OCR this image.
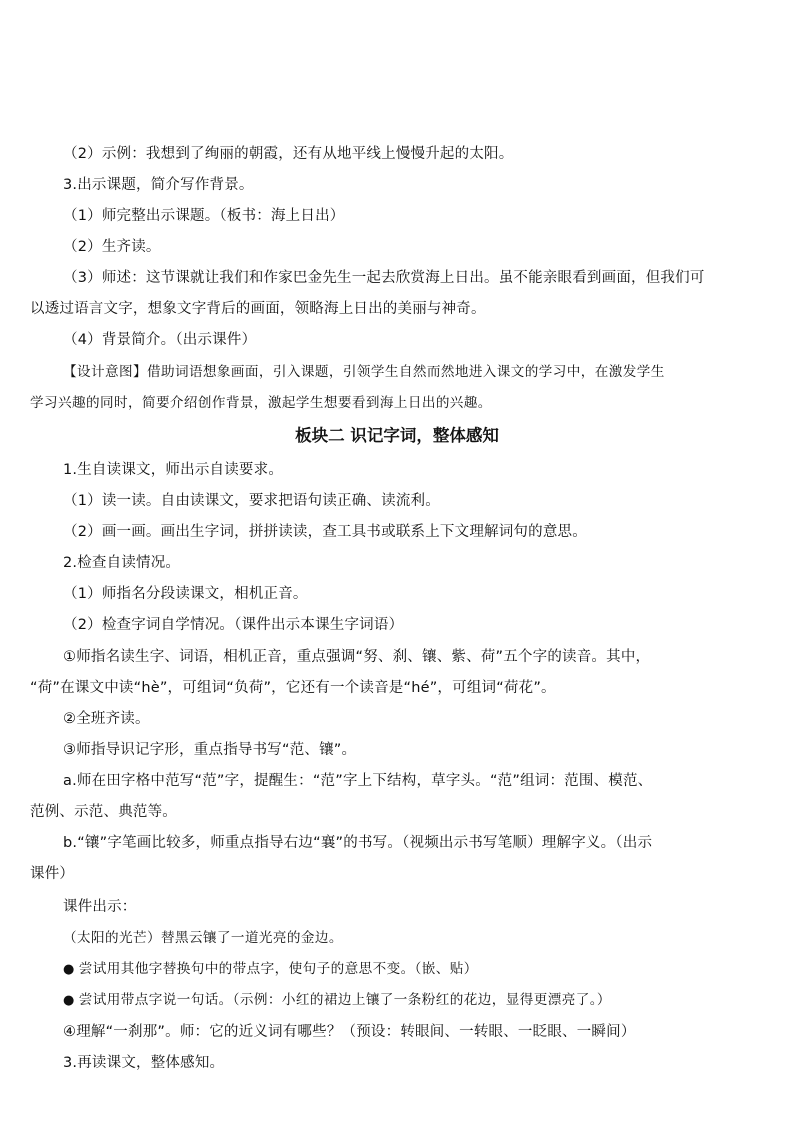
（2）示例：我想到了绚丽的朝霞，还有从地平线上慢慢升起的太阳。
3.出示课题，简介写作背景。
（1）师完整出示课题。（板书：海上日出）
（2）生齐读。
（3）师述：这节课就让我们和作家巴金先生一起去欣赏海上日出。虽不能亲眼看到画面，但我们可
以透过语言文字，想象文字背后的画面，领略海上日出的美丽与神奇。
（4）背景简介。（出示课件）
【设计意图】借助词语想象画面，引入课题，引领学生自然而然地进入课文的学习中，在激发学生
学习兴趣的同时，简要介绍创作背景，激起学生想要看到海上日出的兴趣。
板块二 识记字词，整体感知
1.生自读课文，师出示自读要求。
（1）读一读。自由读课文，要求把语句读正确、读流利。
（2）画一画。画出生字词，拼拼读读，查工具书或联系上下文理解词句的意思。
2.检查自读情况。
（1）师指名分段读课文，相机正音。
（2）检查字词自学情况。（课件出示本课生字词语）
①师指名读生字、词语，相机正音，重点强调“努、刹、镶、紫、荷”五个字的读音。其中，
“荷”在课文中读“hè”，可组词“负荷”，它还有一个读音是“hé”，可组词“荷花”。
②全班齐读。
③师指导识记字形，重点指导书写“范、镶”。
a.师在田字格中范写“范”字，提醒生：“范”字上下结构，草字头。“范”组词：范围、模范、
范例、示范、典范等。
b.“镶”字笔画比较多，师重点指导右边“襄”的书写。（视频出示书写笔顺）理解字义。（出示
课件）
课件出示：
（太阳的光芒）替黑云镶了一道光亮的金边。
● 尝试用其他字替换句中的带点字，使句子的意思不变。（嵌、贴）
● 尝试用带点字说一句话。（示例：小红的裙边上镶了一条粉红的花边，显得更漂亮了。）
④理解“一刹那”。师：它的近义词有哪些？（预设：转眼间、一转眼、一眨眼、一瞬间）
3.再读课文，整体感知。
